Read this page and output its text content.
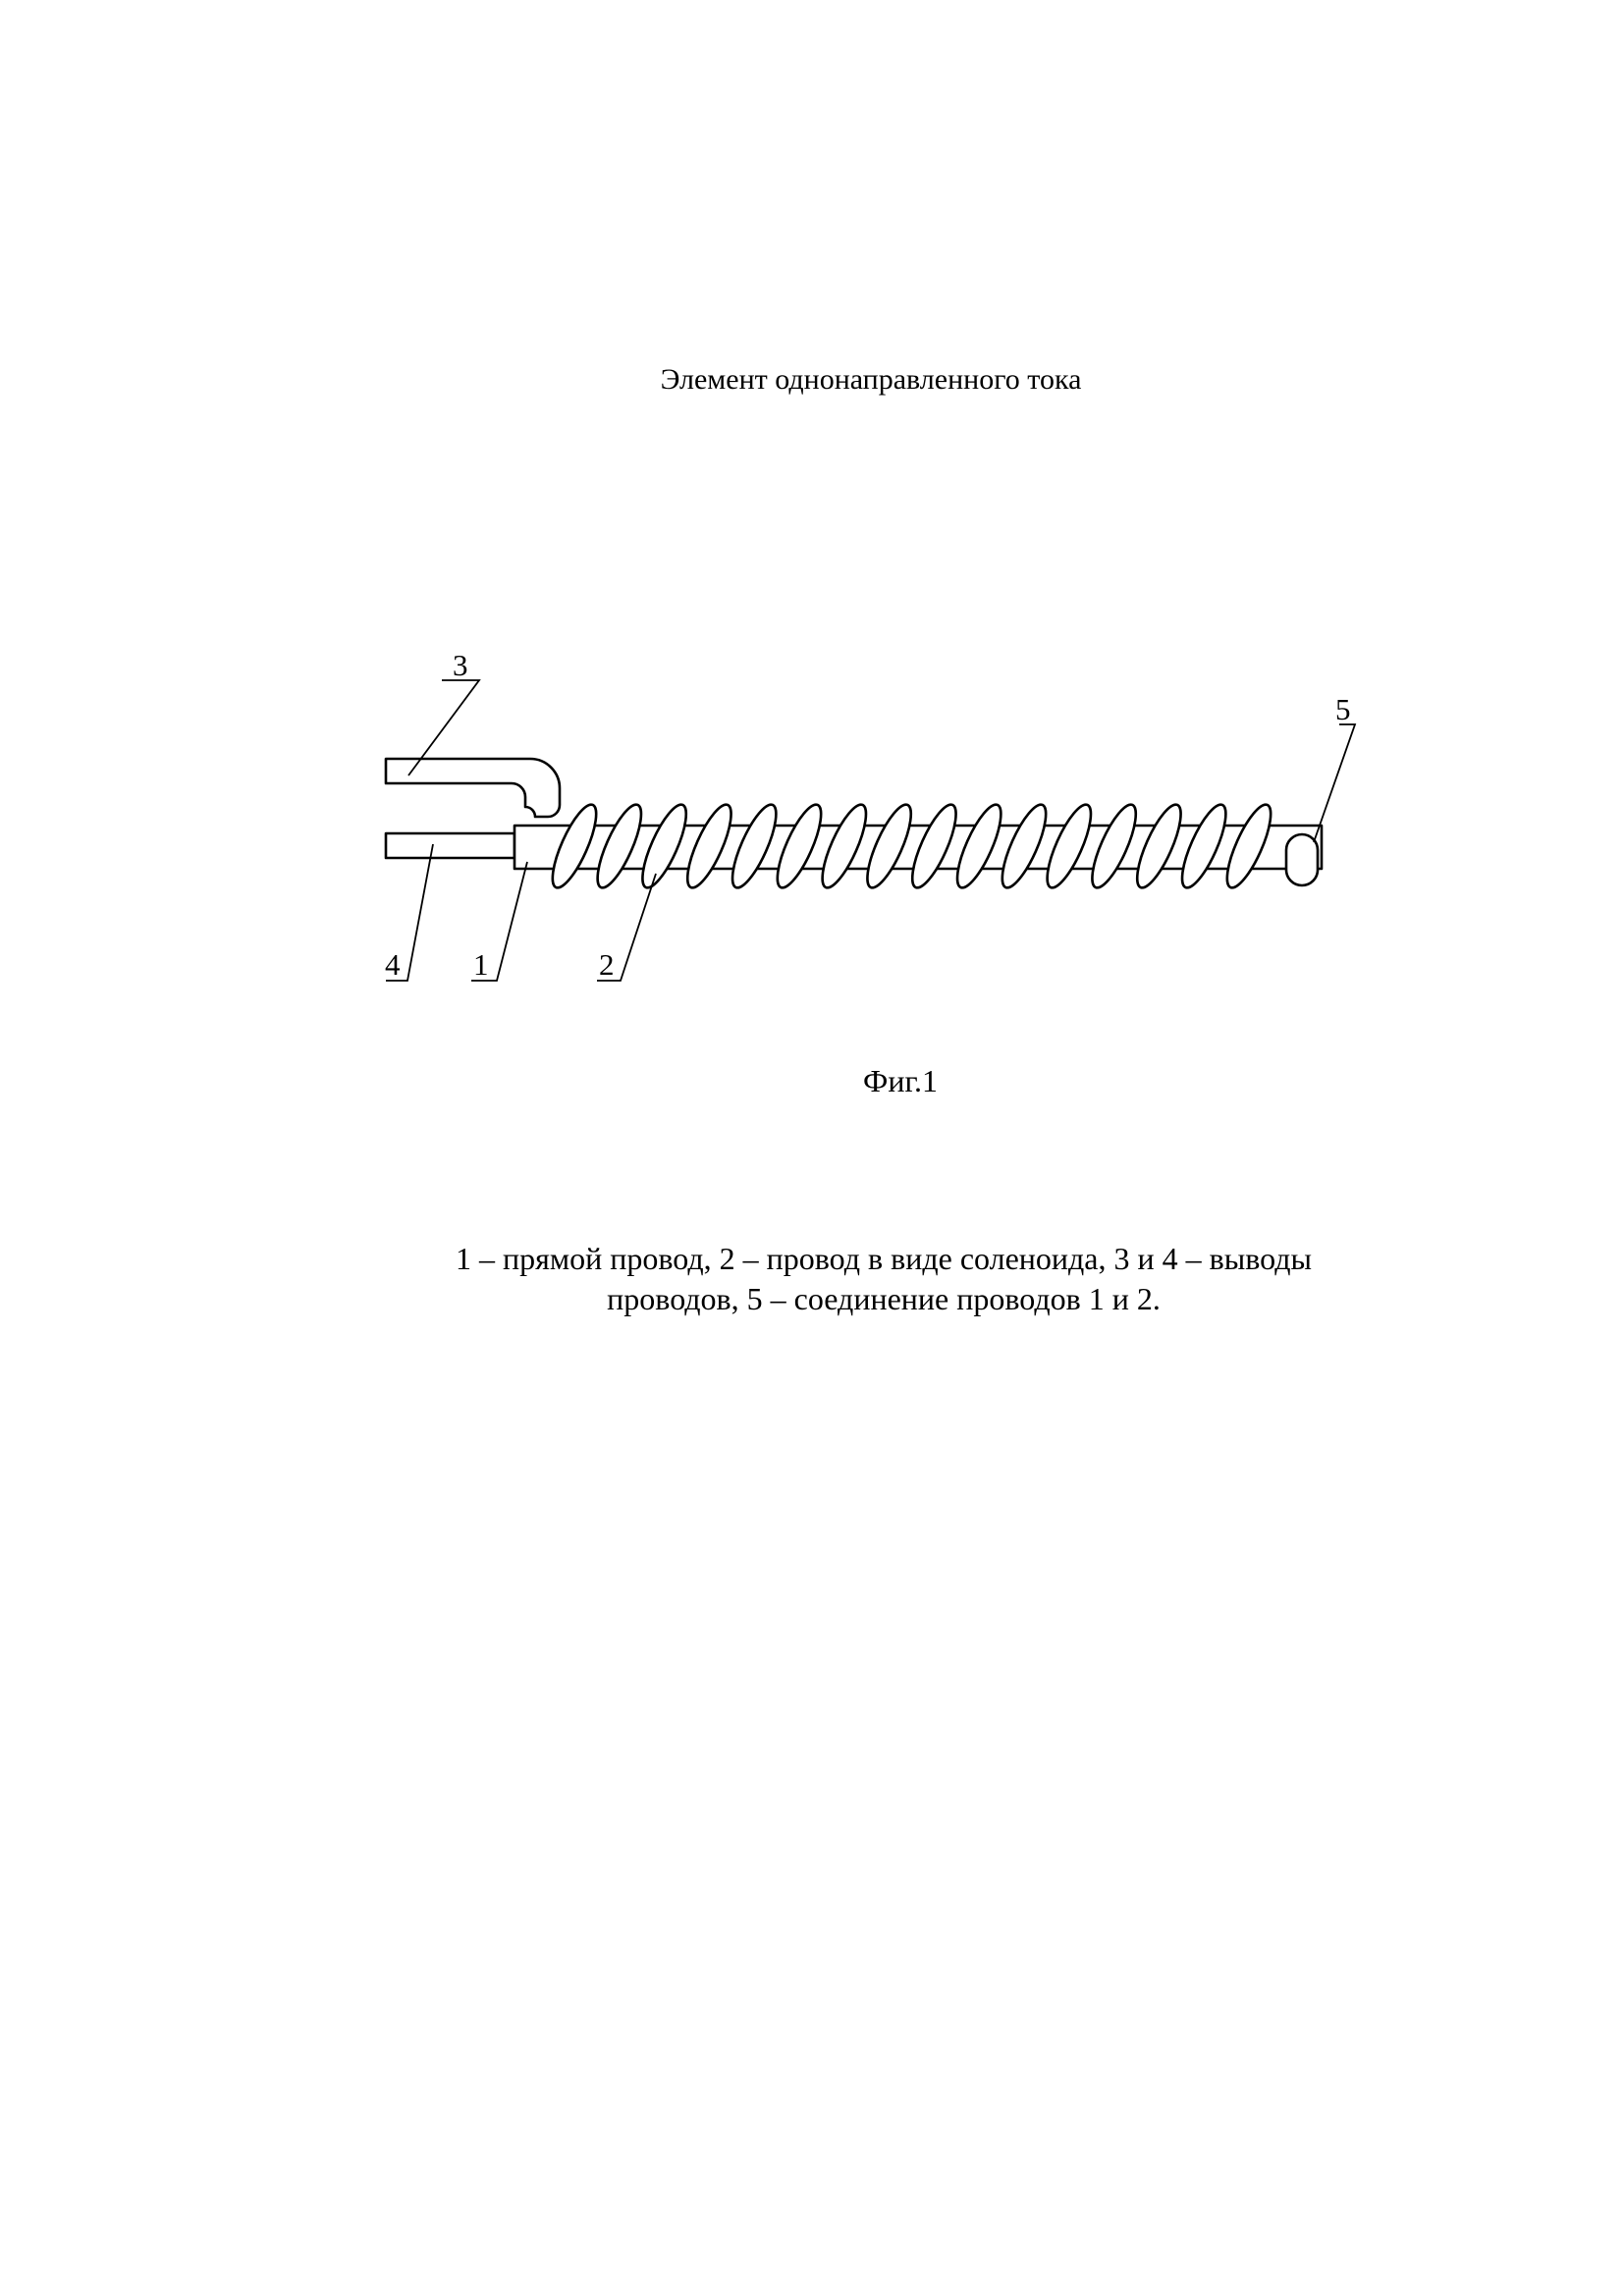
Элемент однонаправленного тока
3
5
4 1	2
Фиг.1
1 – прямой провод, 2 – провод в виде соленоида, 3 и 4 – выводы
проводов, 5 – соединение проводов 1 и 2.
